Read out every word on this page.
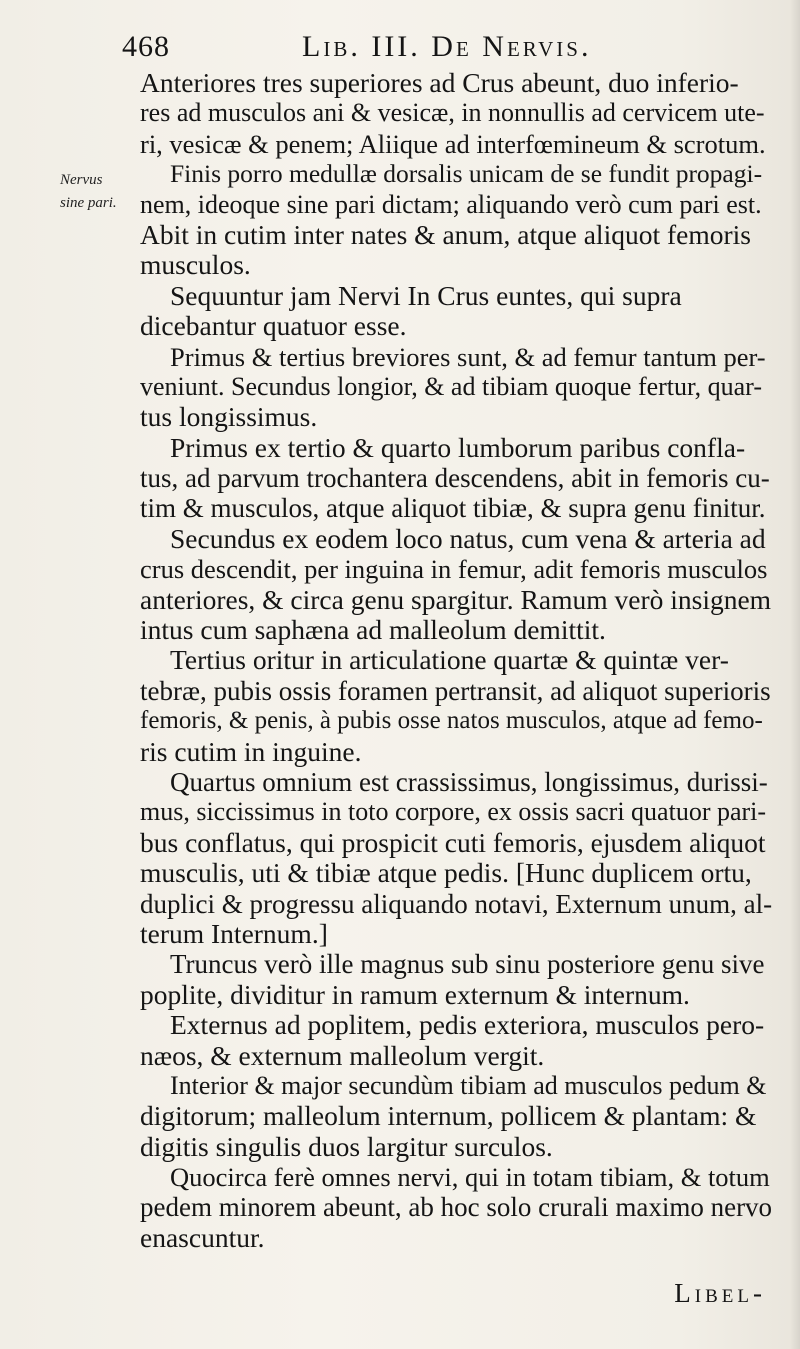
468	Lib. III. De Nervis.
Nervus
sine pari.
Anteriores tres superiores ad Crus abeunt, duo inferio-
res ad musculos ani & vesicæ, in nonnullis ad cervicem ute-
ri, vesicæ & penem; Aliique ad interfœmineum & scrotum.
Finis porro medullæ dorsalis unicam de se fundit propagi-
nem, ideoque sine pari dictam; aliquando verò cum pari est.
Abit in cutim inter nates & anum, atque aliquot femoris
musculos.
Sequuntur jam Nervi In Crus euntes, qui supra
dicebantur quatuor esse.
Primus & tertius breviores sunt, & ad femur tantum per-
veniunt. Secundus longior, & ad tibiam quoque fertur, quar-
tus longissimus.
Primus ex tertio & quarto lumborum paribus confla-
tus, ad parvum trochantera descendens, abit in femoris cu-
tim & musculos, atque aliquot tibiæ, & supra genu finitur.
Secundus ex eodem loco natus, cum vena & arteria ad
crus descendit, per inguina in femur, adit femoris musculos
anteriores, & circa genu spargitur. Ramum verò insignem
intus cum saphæna ad malleolum demittit.
Tertius oritur in articulatione quartæ & quintæ ver-
tebræ, pubis ossis foramen pertransit, ad aliquot superioris
femoris, & penis, à pubis osse natos musculos, atque ad femo-
ris cutim in inguine.
Quartus omnium est crassissimus, longissimus, durissi-
mus, siccissimus in toto corpore, ex ossis sacri quatuor pari-
bus conflatus, qui prospicit cuti femoris, ejusdem aliquot
musculis, uti & tibiæ atque pedis. [Hunc duplicem ortu,
duplici & progressu aliquando notavi, Externum unum, al-
terum Internum.]
Truncus verò ille magnus sub sinu posteriore genu sive
poplite, dividitur in ramum externum & internum.
Externus ad poplitem, pedis exteriora, musculos pero-
næos, & externum malleolum vergit.
Interior & major secundùm tibiam ad musculos pedum &
digitorum; malleolum internum, pollicem & plantam: &
digitis singulis duos largitur surculos.
Quocirca ferè omnes nervi, qui in totam tibiam, & totum
pedem minorem abeunt, ab hoc solo crurali maximo nervo
enascuntur.
Libel-
